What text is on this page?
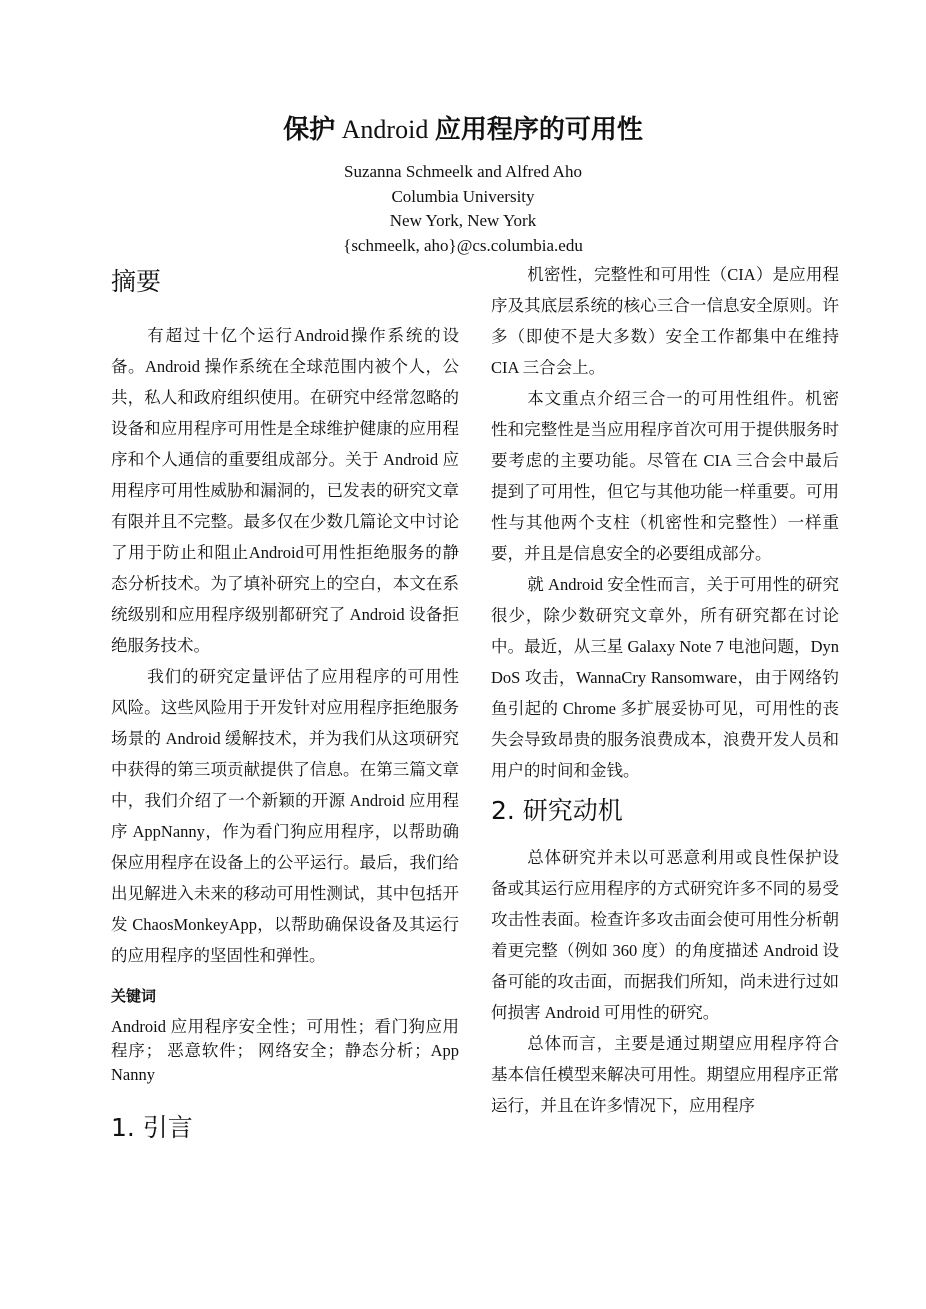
保护 Android 应用程序的可用性
Suzanna Schmeelk and Alfred Aho
Columbia University
New York, New York
{schmeelk, aho}@cs.columbia.edu
摘要

有超过十亿个运行Android操作系统的设备。Android 操作系统在全球范围内被个人，公共，私人和政府组织使用。在研究中经常忽略的设备和应用程序可用性是全球维护健康的应用程序和个人通信的重要组成部分。关于 Android 应用程序可用性威胁和漏洞的，已发表的研究文章有限并且不完整。最多仅在少数几篇论文中讨论了用于防止和阻止Android可用性拒绝服务的静态分析技术。为了填补研究上的空白，本文在系统级别和应用程序级别都研究了 Android 设备拒绝服务技术。

我们的研究定量评估了应用程序的可用性风险。这些风险用于开发针对应用程序拒绝服务场景的 Android 缓解技术，并为我们从这项研究中获得的第三项贡献提供了信息。在第三篇文章中，我们介绍了一个新颖的开源 Android 应用程序 AppNanny，作为看门狗应用程序，以帮助确保应用程序在设备上的公平运行。最后，我们给出见解进入未来的移动可用性测试，其中包括开发 ChaosMonkeyApp，以帮助确保设备及其运行的应用程序的坚固性和弹性。

关键词

Android 应用程序安全性；可用性；看门狗应用程序； 恶意软件； 网络安全；静态分析；App Nanny

1. 引言

机密性，完整性和可用性（CIA）是应用程序及其底层系统的核心三合一信息安全原则。许多（即使不是大多数）安全工作都集中在维持 CIA 三合会上。

本文重点介绍三合一的可用性组件。机密性和完整性是当应用程序首次可用于提供服务时要考虑的主要功能。尽管在 CIA 三合会中最后提到了可用性，但它与其他功能一样重要。可用性与其他两个支柱（机密性和完整性）一样重要，并且是信息安全的必要组成部分。

就 Android 安全性而言，关于可用性的研究很少，除少数研究文章外，所有研究都在讨论中。最近，从三星 Galaxy Note 7 电池问题，Dyn DoS 攻击，WannaCry Ransomware，由于网络钓鱼引起的 Chrome 多扩展妥协可见，可用性的丧失会导致昂贵的服务浪费成本，浪费开发人员和用户的时间和金钱。

2. 研究动机

总体研究并未以可恶意利用或良性保护设备或其运行应用程序的方式研究许多不同的易受攻击性表面。检查许多攻击面会使可用性分析朝着更完整（例如 360 度）的角度描述 Android 设备可能的攻击面，而据我们所知，尚未进行过如何损害 Android 可用性的研究。

总体而言，主要是通过期望应用程序符合基本信任模型来解决可用性。期望应用程序正常运行，并且在许多情况下，应用程序
